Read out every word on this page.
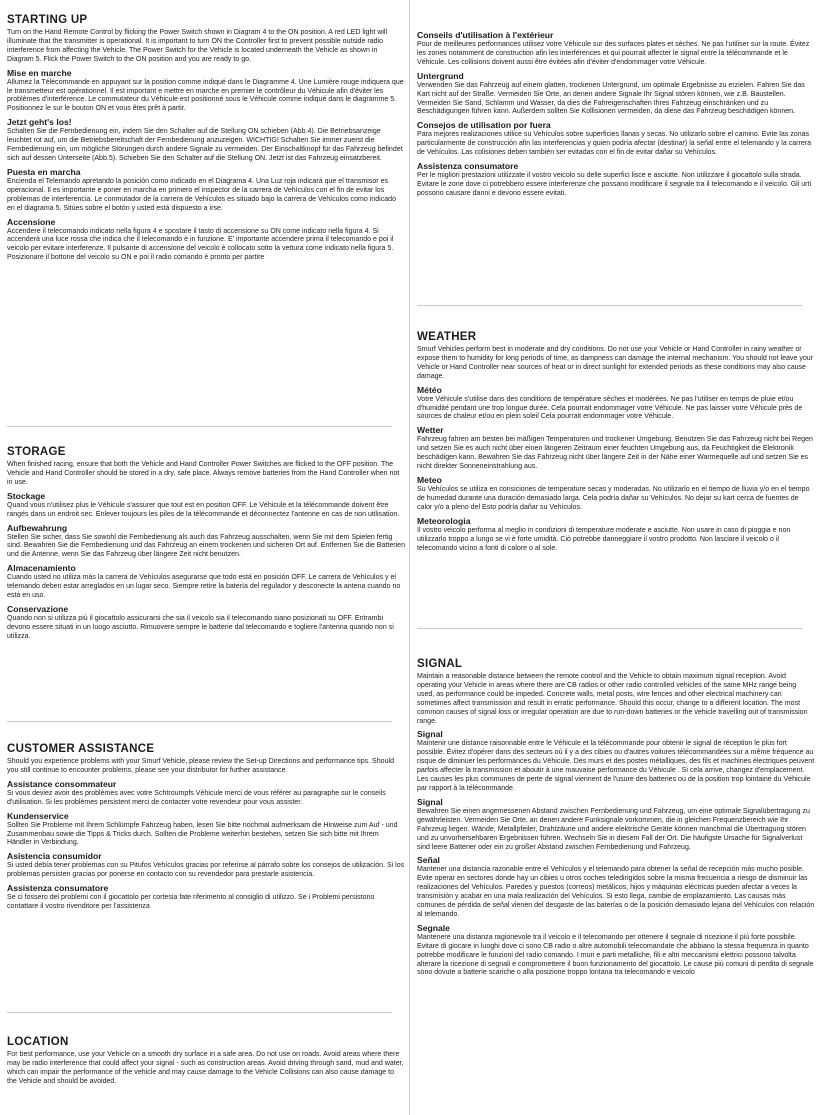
STARTING UP

Turn on the Hand Remote Control by flicking the Power Switch shown in Diagram 4 to the ON position. A red LED light will illuminate that the transmitter is operational. It is important to turn ON the Controller first to prevent possible outside radio interference from affecting the Vehicle. The Power Switch for the Vehicle is located underneath the Vehicle as shown in Diagram 5. Flick the Power Switch to the ON position and you are ready to go.

Mise en marche

Allumez la Télécommande en appuyant sur la position comme indiqué dans le Diagramme 4. Une Lumière rouge indiquera que le transmetteur est opérationnel. Il est important e mettre en marche en premier le contrôleur du Véhicule afin d'éviter les problèmes d'interférence. Le commutateur du Véhicule est positionné sous le Véhicule comme indiqué dans le diagramme 5. Positionnez le sur le bouton ON et vous êtes prêt à partir.

Jetzt geht's los!

Schalten Sie die Fernbedienung ein, indem Sie den Schalter auf die Stellung ON schieben (Abb.4). Die Betriebsanzeige leuchtet rot auf, um die Betriebsbereitschaft der Fernbedienung anzuzeigen. WICHTIG! Schalten Sie immer zuerst die Fernbedienung ein, um mögliche Störungen durch andere Signale zu vermeiden. Der Einschaltknopf für das Fahrzeug befindet sich auf dessen Unterseite (Abb.5). Schieben Sie den Schalter auf die Stellung ON. Jetzt ist das Fahrzeug einsatzbereit.

Puesta en marcha

Encienda el Telemando apretando la posición como indicado en el Diagrama 4. Una Luz roja indicará que el transmisor es operacional. Il es importante e poner en marcha en primero el inspector de la carrera de Vehículos con el fin de evitar los problemas de interferencia. Le conmutador de la carrera de Vehículos es situado bajo la carrera de Vehículos como indicado en el diagrama 5. Sitúes sobre el botón y usted está dispuesto a irse.

Accensione

Accendere il telecomando indicato nella figura 4 e spostare il tasto di accensione su ON come indicato nella figura 4. Si accenderà una luce rossa che indica che il telecomando è in funzione. E' importante accendere prima il telecomando e poi il veicolo per evitare interferenze. Il pulsante di accensione del veicolo è collocato sotto la vettura come indicato nella figura 5. Posizionare il bottone del veicolo su ON e poi il radio comando è pronto per partire

STORAGE

When finished racing, ensure that both the Vehicle and Hand Controller Power Switches are flicked to the OFF position. The Vehicle and Hand Controller should be stored in a dry, safe place. Always remove batteries from the Hand Controller when not in use.

Stockage

Quand vous n'utilisez plus le Véhicule s'assurer que tout est en position OFF. Le Véhicule et la télécommande doivent être rangés dans un endroit sec. Enlever toujours les piles de la télécommande et déconnectez l'antenne en cas de non utilisation.

Aufbewahrung

Stellen Sie sicher, dass Sie sowohl die Fernbedienung als auch das Fahrzeug ausschalten, wenn Sie mit dem Spielen fertig sind. Bewahren Sie die Fernbedienung und das Fahrzeug an einem trockenen und sicheren Ort auf. Entfernen Sie die Batterien und die Antenne, wenn Sie das Fahrzeug über längere Zeit nicht benutzen.

Almacenamiento

Cuando usted no utiliza más la carrera de Vehículos asegurarse que todo está en posición OFF. Le carrera de Vehículos y el telemando deben estar arreglados en un lugar seco. Siempre retire la batería del regulador y desconecte la antena cuando no está en uso.

Conservazione

Quando non si utilizza più il giocattolo assicurarsi che sia il veicolo sia il telecomando siano posizionati su OFF. Entrambi devono essere situati in un luogo asciutto. Rimuovere sempre le batterie dal telecomando e togliere l'antenna quando non si utilizza.

CUSTOMER ASSISTANCE

Should you experience problems with your Smurf Vehicle, please review the Set-up Directions and performance tips. Should you still continue to encounter problems, please see your distributor for further assistance.

Assistance consommateur

Si vous deviez avoir des problèmes avec votre Schtroumpfs Véhicule merci de vous référer au paragraphe sur le conseils d'utilisation. Si les problèmes persistent merci de contacter votre revendeur pour vous assister.

Kundenservice

Sollten Sie Probleme mit Ihrem Schlümpfe Fahrzeug haben, lesen Sie bitte nochmal aufmerksam die Hinweise zum Auf - und Zusammenbau sowie die Tipps & Tricks durch. Sollten die Probleme weiterhin bestehen, setzen Sie sich bitte mit Ihrem Händler in Verbindung.

Asistencia consumidor

Si usted debía tener problemas con su Pitufos Vehículos gracias por referirse al párrafo sobre los consejos de utilización. Si los problemas persisten gracias por ponerse en contacto con su revendedor para prestarle asistencia.

Assistenza consumatore

Se ci fossero dei problemi con il giocattolo per cortesia fate riferimento al consiglio di utilizzo. Se i Problemi persistono contattare il vostro rivenditore per l'assistenza

LOCATION

For best performance, use your Vehicle on a smooth dry surface in a safe area. Do not use on roads. Avoid areas where there may be radio interference that could affect your signal - such as construction areas. Avoid driving through sand, mud and water, which can impair the performance of the vehicle and may cause damage to the Vehicle Collisions can also cause damage to the Vehicle and should be avoided.

Conseils d'utilisation à l'extérieur

Pour de meilleures performances utilisez votre Véhicule sur des surfaces plates et sèches. Ne pas l'utiliser sur la route. Évitez les zones notamment de construction afin les interférences et qui pourrait affecter le signal entre la télécommande et le Véhicule. Les collisions doivent aussi être évitées afin d'éviter d'endommager votre Véhicule.

Untergrund

Verwenden Sie das Fahrzeug auf einem glatten, trockenen Untergrund, um optimale Ergebnisse zu erzielen. Fahren Sie das Kart nicht auf der Straße. Vermeiden Sie Orte, an denen andere Signale Ihr Signal stören können, wie z.B. Baustellen. Vermeiden Sie Sand, Schlamm und Wasser, da dies die Fahreigenschaften Ihres Fahrzeug einschränken und zu Beschädigungen führen kann. Außerdem sollten Sie Kollisionen vermeiden, da diese das Fahrzeug beschädigen können.

Consejos de utilisation por fuera

Para mejores realizaciones utilice su Vehículos sobre superficies llanas y secas. No utilizarlo sobre el camino. Evite las zonas particularmente de construcción afin las interferencias y quien podría afectar (destinar) la señal entre el telemando y la carrera de Vehículos. Las colisiones deben también ser evitadas con el fin de evitar dañar su Vehículos.

Assistenza consumatore

Per le migliori prestazioni utilizzate il vostro veicolo su delle superfici lisce e asciutte. Non utilizzare il giocattolo sulla strada. Evitare le zone dove ci potrebbero essere interferenze che possano modificare il segnale tra il telecomando e il veicolo. Gli urti possono causare danni e devono essere evitati.

WEATHER

Smurf Vehicles perform best in moderate and dry conditions. Do not use your Vehicle or Hand Controller in rainy weather or expose them to humidity for long periods of time, as dampness can damage the internal mechanism. You should not leave your Vehicle or Hand Controller near sources of heat or in direct sunlight for extended periods as these conditions may also cause damage.

Météo

Votre Véhicule s'utilise dans des conditions de température sèches et modérées. Ne pas l'utiliser en temps de pluie et/ou d'humidité pendant une trop longue durée. Cela pourrait endommager votre Véhicule. Ne pas laisser votre Véhicule près de sources de chaleur et/ou en plein soleil Cela pourrait endommager votre Véhicule.

Wetter

Fahrzeug fahren am besten bei mäßigen Temperaturen und trockener Umgebung. Benutzen Sie das Fahrzeug nicht bei Regen und setzen Sie es auch nicht über einen längeren Zeitraum einer feuchten Umgebung aus, da Feuchtigkeit die Elektronik beschädigen kann. Bewahren Sie das Fahrzeug nicht über längere Zeit in der Nähe einer Warmequelle auf und setzen Sie es nicht direkter Sonneneinstrahlung aus.

Meteo

Su Vehículos se utiliza en consiciones de temperature secas y moderadas. No utilizarlo en el tiempo de lluvia y/o en el tiempo de humedad durante una duración demasiado larga. Cela podría dañar su Vehículos. No dejar su kart cerca de fuentes de calor y/o a pleno del Esto podría dañar su Vehículos.

Meteorologia

Il vostro veicolo performa al meglio in condizioni di temperature moderate e asciutte. Non usare in caso di pioggia e non utilizzarlo troppo a lungo se vi è forte umidità. Ciò potrebbe danneggiare il vostro prodotto. Non lasciare il veicolo o il telecomando vicino a fonti di calore o al sole.

SIGNAL

Maintain a reasonable distance between the remote control and the Vehicle to obtain maximum signal reception. Avoid operating your Vehicle in areas where there are CB radios or other radio controlled vehicles of the same MHz range being used, as performance could be impeded. Concrete walls, metal posts, wire fences and other electrical machinery can sometimes affect transmission and result in erratic performance. Should this occur, change to a different location. The most common causes of signal loss or irregular operation are due to run-down batteries or the vehicle travelling out of transmission range.

Signal

Maintenir une distance raisonnable entre le Véhicule et la télécommande pour obtenir le signal de réception le plus fort possible. Évitez d'opérer dans des secteurs où il y a des cibies ou d'autres voitures télécommandées sur a même fréquence au risque de diminuer les performances du Véhicule. Des murs et des postes métalliques, des fils et machines électriques peuvent parfois affecter la transmission et aboutir à une mauvaise performance du Véhicule . Si cela arrive, changez d'emplacement. Les causes les plus communes de perte de signal viennent de l'usure des batteries ou de la position trop lointaine du Véhicule par rapport à la télécommande.

Signal

Bewahren Sie einen angemessenen Abstand zwischen Fernbedienung und Fahrzeug, um eine optimale Signalübertragung zu gewährleisten. Vermeiden Sie Orte, an denen andere Funksignale vorkommen, die in gleichen Frequenzbereich wie Ihr Fahrzeug liegen. Wände, Metallpfeiler, Drahtzäune und andere elektrische Geräte können manchmal die Übertragung stören und zu unvorhersehbaren Ergebnissen führen. Wechseln Sie in diesem Fall der Ort. Die häufigste Ursache für Signalverlust sind leere Batterier oder ein zu großer Abstand zwischen Fernbedienung und Fahrzeug.

Señal

Mantener una distancia razonable entre el Vehículos y el telemando para obtener la señal de recepción más mucho posible. Evite operar en sectores donde hay un cibies u otros coches teledirigidos sobre la misma frecuencia a riesgo de disminuir las realizaciones del Vehículos. Paredes y puestos (correos) metálicos, hijos y máquinas eléctricas pueden afectar a veces la transmisión y acabar en una mala realización del Vehículos. Si esto llega, cambie de emplazamiento. Las causas más comunes de pérdida de señal vienen del desgaste de las baterías o de la posición demasiado lejana del Vehículos con relación al telemando.

Segnale

Mantenere una distanza ragionevole tra il veicolo e il telecomando per ottenere il segnale di ricezione il più forte possibile. Evitare di giocare in luoghi dove ci sono CB radio o altre automobili telecomandate che abbiano la stessa frequenza in quanto potrebbe modificare le funzioni del radio comando. I muri e parti metalliche, fili e altri meccanismi elettrici possono talvolta alterare la ricezione di segnali e compromettere il buon funzionamento del giocattolo. Le cause più comuni di perdita di segnale sono dovute a batterie scariche o alla posizione troppo lontana tra telecomando e veicolo
